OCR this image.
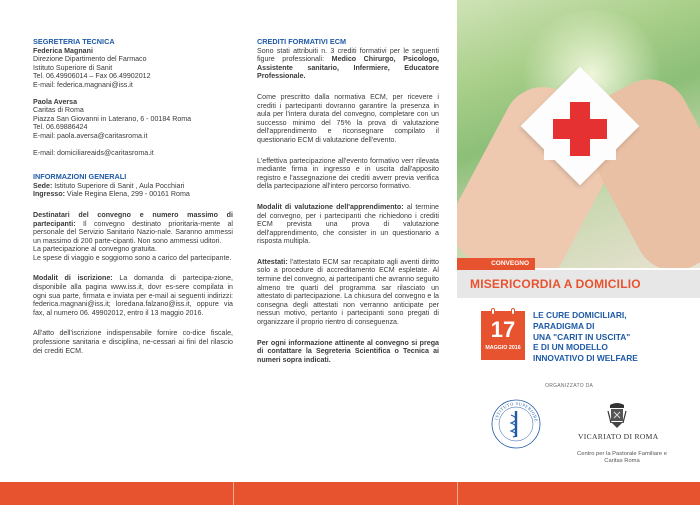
SEGRETERIA TECNICA
Federica Magnani
Direzione Dipartimento del Farmaco
Istituto Superiore di Sanit
Tel. 06.49906014 – Fax 06.49902012
E-mail: federica.magnani@iss.it
Paola Aversa
Caritas di Roma
Piazza San Giovanni in Laterano, 6 - 00184 Roma
Tel. 06.69886424
E-mail: paola.aversa@caritasroma.it
E-mail: domiciliareaids@caritasroma.it
INFORMAZIONI GENERALI
Sede: Istituto Superiore di Sanit , Aula Pocchiari
Ingresso: Viale Regina Elena, 299 - 00161 Roma
Destinatari del convegno e numero massimo di partecipanti: Il convegno destinato prioritaria-mente al personale del Servizio Sanitario Nazio-nale. Saranno ammessi un massimo di 200 parte-cipanti. Non sono ammessi uditori.
La partecipazione al convegno gratuita.
Le spese di viaggio e soggiorno sono a carico del partecipante.
Modalit di iscrizione: La domanda di partecipa-zione, disponibile alla pagina www.iss.it, dovr es-sere compilata in ogni sua parte, firmata e inviata per e-mail ai seguenti indirizzi: federica.magnani@iss.it; loredana.falzano@iss.it, oppure via fax, al numero 06. 49902012, entro il 13 maggio 2016.
All'atto dell'iscrizione indispensabile fornire co-dice fiscale, professione sanitaria e disciplina, ne-cessari ai fini del rilascio dei crediti ECM.
CREDITI FORMATIVI ECM
Sono stati attribuiti n. 3 crediti formativi per le seguenti figure professionali: Medico Chirurgo, Psicologo, Assistente sanitario, Infermiere, Educatore Professionale.
Come prescritto dalla normativa ECM, per ricevere i crediti i partecipanti dovranno garantire la presenza in aula per l'intera durata del convegno, completare con un successo minimo del 75% la prova di valutazione dell'apprendimento e riconsegnare compilato il questionario ECM di valutazione dell'evento.
L'effettiva partecipazione all'evento formativo verr rilevata mediante firma in ingresso e in uscita dall'apposito registro e l'assegnazione dei crediti avverr previa verifica della partecipazione all'intero percorso formativo.
Modalit di valutazione dell'apprendimento: al termine del convegno, per i partecipanti che richiedono i crediti ECM prevista una prova di valutazione dell'apprendimento, che consister in un questionario a risposta multipla.
Attestati: l'attestato ECM sar recapitato agli aventi diritto solo a procedure di accreditamento ECM espletate. Al termine del convegno, ai partecipanti che avranno seguito almeno tre quarti del programma sar rilasciato un attestato di partecipazione. La chiusura del convegno e la consegna degli attestati non verranno anticipate per nessun motivo, pertanto i partecipanti sono pregati di organizzare il proprio rientro di conseguenza.
Per ogni informazione attinente al convegno si prega di contattare la Segreteria Scientifica o Tecnica ai numeri sopra indicati.
CONVEGNO
MISERICORDIA A DOMICILIO
17
MAGGIO 2016
LE CURE DOMICILIARI,
PARADIGMA DI
UNA "CARIT IN USCITA"
E DI UN MODELLO
INNOVATIVO DI WELFARE
ORGANIZZATO DA
ISTITUTO SUPERIORE
VICARIATO DI ROMA
Centro per la Pastorale Familiare e Caritas Roma
